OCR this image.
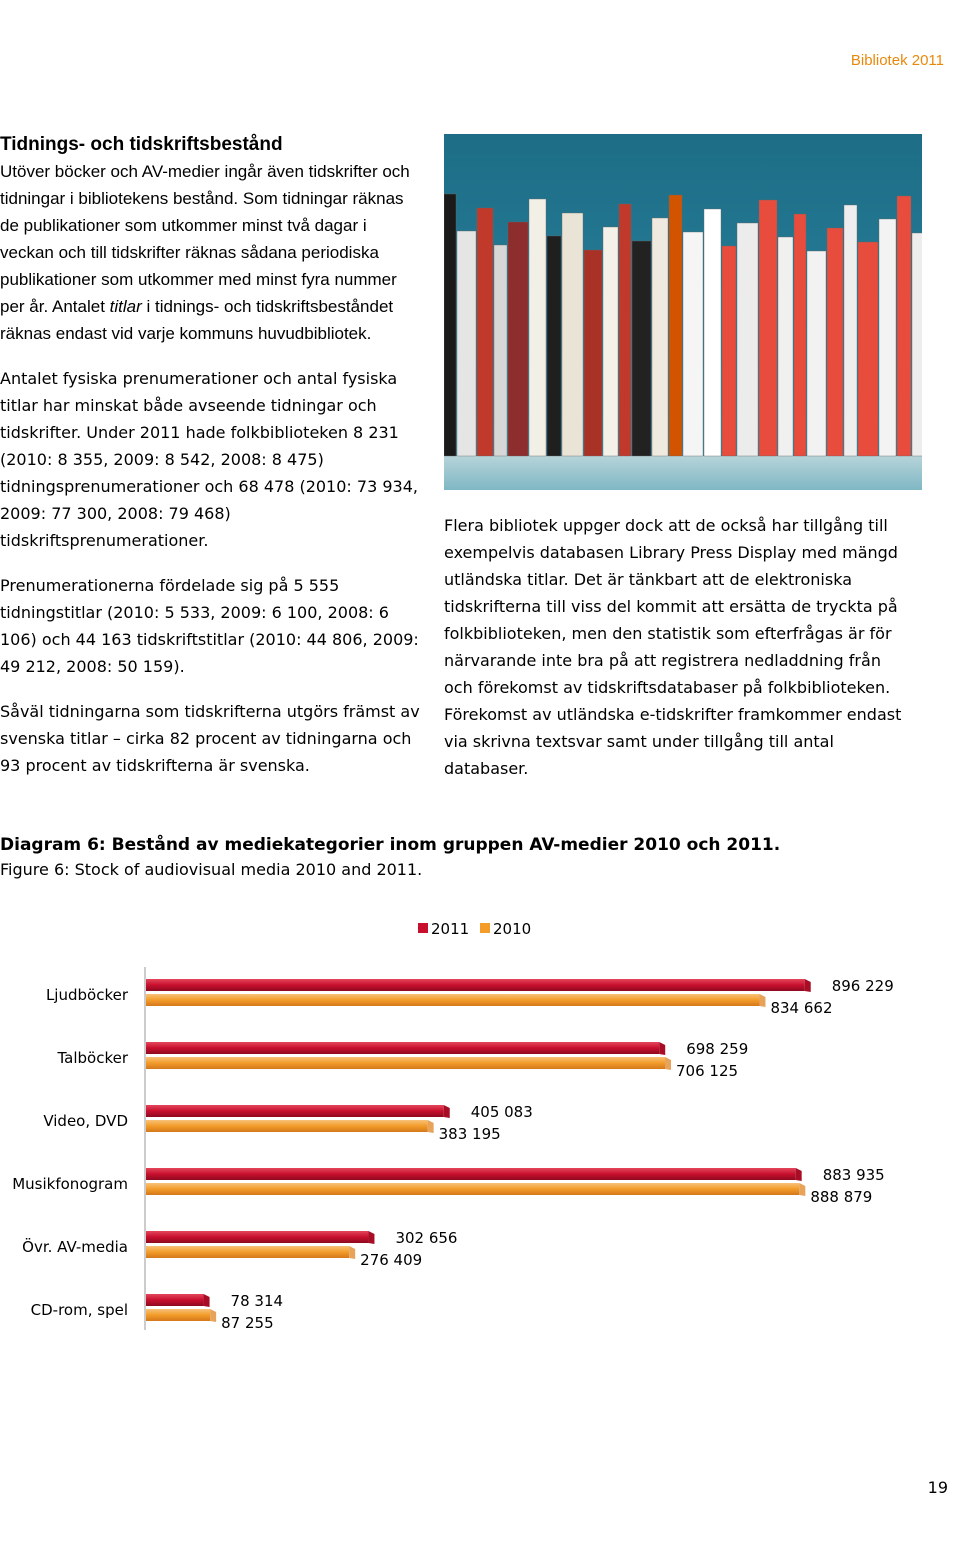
Bibliotek 2011
Tidnings- och tidskriftsbestånd

Utöver böcker och AV-medier ingår även tidskrifter och tidningar i bibliotekens bestånd. Som tidningar räknas de publikationer som utkommer minst två dagar i veckan och till tidskrifter räknas sådana periodiska publikationer som utkommer med minst fyra nummer per år. Antalet titlar i tidnings- och tidskriftsbeståndet räknas endast vid varje kommuns huvudbibliotek.

Antalet fysiska prenumerationer och antal fysiska titlar har minskat både avseende tidningar och tidskrifter. Under 2011 hade folkbiblioteken 8 231 (2010: 8 355, 2009: 8 542, 2008: 8 475) tidningsprenumerationer och 68 478 (2010: 73 934, 2009: 77 300, 2008: 79 468) tidskriftsprenumerationer.

Prenumerationerna fördelade sig på 5 555 tidningstitlar (2010: 5 533, 2009: 6 100, 2008: 6 106) och 44 163 tidskriftstitlar (2010: 44 806, 2009: 49 212, 2008: 50 159).

Såväl tidningarna som tidskrifterna utgörs främst av svenska titlar – cirka 82 procent av tidningarna och 93 procent av tidskrifterna är svenska.

Flera bibliotek uppger dock att de också har tillgång till exempelvis databasen Library Press Display med mängd utländska titlar. Det är tänkbart att de elektroniska tidskrifterna till viss del kommit att ersätta de tryckta på folkbiblioteken, men den statistik som efterfrågas är för närvarande inte bra på att registrera nedladdning från och förekomst av tidskriftsdatabaser på folkbiblioteken. Förekomst av utländska e-tidskrifter framkommer endast via skrivna textsvar samt under tillgång till antal databaser.

Diagram 6: Bestånd av mediekategorier inom gruppen AV-medier 2010 och 2011.

Figure 6: Stock of audiovisual media 2010 and 2011.

2011 2010
Ljudböcker	896 229
834 662
Talböcker	698 259
706 125
Video, DVD	405 083
383 195
Musikfonogram	883 935
888 879
Övr. AV-media	302 656
276 409
CD-rom, spel	78 314
87 255
19
